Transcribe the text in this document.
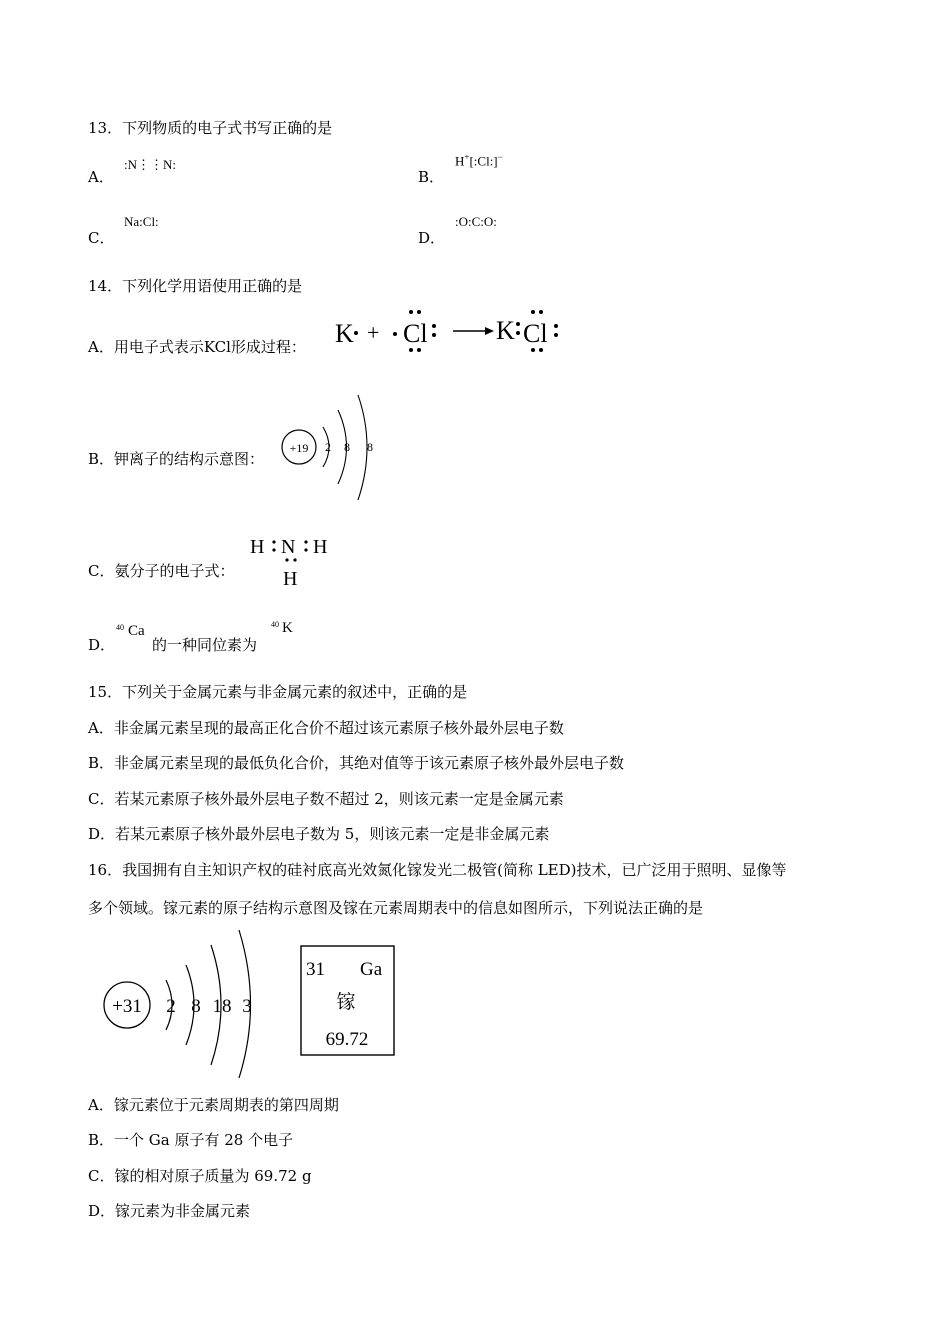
13．下列物质的电子式书写正确的是
A．
:N⋮⋮N:
B．
H+[:Cl:]−
C．
Na:Cl:
D．
:O:C:O:
14．下列化学用语使用正确的是
A．用电子式表示KCl形成过程： K + Cl	K Cl
B．钾离子的结构示意图：
+19 2 8 8
C．氨分子的电子式：
H N H
H
D．
40 Ca
的一种同位素为
40 K
15．下列关于金属元素与非金属元素的叙述中，正确的是
A．非金属元素呈现的最高正化合价不超过该元素原子核外最外层电子数
B．非金属元素呈现的最低负化合价，其绝对值等于该元素原子核外最外层电子数
C．若某元素原子核外最外层电子数不超过 2，则该元素一定是金属元素
D．若某元素原子核外最外层电子数为 5，则该元素一定是非金属元素
16．我国拥有自主知识产权的硅衬底高光效氮化镓发光二极管(简称 LED)技术，已广泛用于照明、显像等
多个领域。镓元素的原子结构示意图及镓在元素周期表中的信息如图所示，下列说法正确的是
+31 2 8 18 3
31 Ga
镓
69.72
A．镓元素位于元素周期表的第四周期
B．一个 Ga 原子有 28 个电子
C．镓的相对原子质量为 69.72 g
D．镓元素为非金属元素
